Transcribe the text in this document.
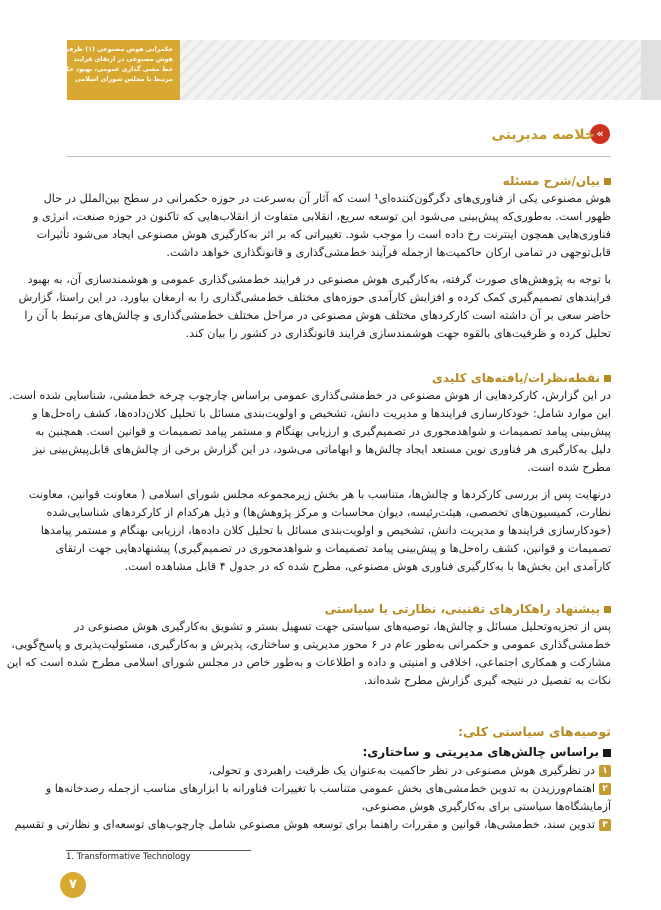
حکمرانی هوش مصنوعی (۱) ظرفیت های
هوش مصنوعی در ارتقای فرایند
خط مشی گذاری عمومی، بهبود حکمرانی
مرتبط با مجلس شورای اسلامی
«
خلاصه مدیریتی
بیان/شرح مسئله
هوش مصنوعی یکی از فناوری‌های دگرگون‌کننده‌ای¹ است که آثار آن به‌سرعت در حوزه حکمرانی در سطح بین‌الملل در حال
ظهور است. به‌طوری‌که پیش‌بینی می‌شود این توسعه سریع، انقلابی متفاوت از انقلاب‌هایی که تاکنون در حوزه صنعت، انرژی و
فناوری‌هایی همچون اینترنت رخ داده است را موجب شود. تغییراتی که بر اثر به‌کارگیری هوش مصنوعی ایجاد می‌شود تأثیرات
قابل‌توجهی در تمامی ارکان حاکمیت‌ها ازجمله فرآیند خط‌مشی‌گذاری و قانونگذاری خواهد داشت.
با توجه به پژوهش‌های صورت گرفته، به‌کارگیری هوش مصنوعی در فرایند خط‌مشی‌گذاری عمومی و هوشمندسازی آن، به بهبود
فرایندهای تصمیم‌گیری کمک کرده و افزایش کارآمدی حوزه‌های مختلف خط‌مشی‌گذاری را به ارمغان بیاورد. در این راستا، گزارش
حاضر سعی بر آن داشته است کارکردهای مختلف هوش مصنوعی در مراحل مختلف خط‌مشی‌گذاری و چالش‌های مرتبط با آن را
تحلیل کرده و ظرفیت‌های بالقوه جهت هوشمندسازی فرایند قانونگذاری در کشور را بیان کند.
نقطه‌نظرات/یافته‌های کلیدی
در این گزارش، کارکردهایی از هوش مصنوعی در خط‌مشی‌گذاری عمومی براساس چارچوب چرخه خط‌مشی، شناسایی شده است.
این موارد شامل: خودکارسازی فرایندها و مدیریت دانش، تشخیص و اولویت‌بندی مسائل با تحلیل کلان‌داده‌ها، کشف راه‌حل‌ها و
پیش‌بینی پیامد تصمیمات و شواهدمحوری در تصمیم‌گیری و ارزیابی بهنگام و مستمر پیامد تصمیمات و قوانین است. همچنین به
دلیل به‌کارگیری هر فناوری نوین مستعد ایجاد چالش‌ها و ابهاماتی می‌شود، در این گزارش برخی از چالش‌های قابل‌پیش‌بینی نیز
مطرح شده است.
درنهایت پس از بررسی کارکردها و چالش‌ها، متناسب با هر بخش زیرمجموعه مجلس شورای اسلامی ( معاونت قوانین، معاونت
نظارت، کمیسیون‌های تخصصی، هیئت‌رئیسه، دیوان محاسبات و مرکز پژوهش‌ها) و ذیل هرکدام از کارکردهای شناسایی‌شده
(خودکارسازی فرایندها و مدیریت دانش، تشخیص و اولویت‌بندی مسائل با تحلیل کلان داده‌ها، ارزیابی بهنگام و مستمر پیامدها
تصمیمات و قوانین، کشف راه‌حل‌ها و پیش‌بینی پیامد تصمیمات و شواهدمحوری در تصمیم‌گیری) پیشنهادهایی جهت ارتقای
کارآمدی این بخش‌ها با به‌کارگیری فناوری هوش مصنوعی، مطرح شده که در جدول ۴ قابل مشاهده است.
پیشنهاد راهکارهای تقنینی، نظارتی یا سیاستی
پس از تجزیه‌وتحلیل مسائل و چالش‌ها، توصیه‌های سیاستی جهت تسهیل بستر و تشویق به‌کارگیری هوش مصنوعی در
خط‌مشی‌گذاری عمومی و حکمرانی به‌طور عام در ۶ محور مدیریتی و ساختاری، پذیرش و به‌کارگیری، مسئولیت‌پذیری و پاسخ‌گویی،
مشارکت و همکاری اجتماعی، اخلاقی و امنیتی و داده و اطلاعات و به‌طور خاص در مجلس شورای اسلامی مطرح شده است که این
نکات به تفصیل در نتیجه گیری گزارش مطرح شده‌اند.
توصیه‌های سیاستی کلی:
براساس چالش‌های مدیریتی و ساختاری:
۱در نظرگیری هوش مصنوعی در نظر حاکمیت به‌عنوان یک ظرفیت راهبردی و تحولی،
۲اهتمام‌ورزیدن به تدوین خط‌مشی‌های بخش عمومی متناسب با تغییرات فناورانه با ابزارهای مناسب ازجمله رصدخانه‌ها و
آزمایشگاه‌ها سیاستی برای به‌کارگیری هوش مصنوعی،
۳تدوین سند، خط‌مشی‌ها، قوانین و مقررات راهنما برای توسعه هوش مصنوعی شامل چارچوب‌های توسعه‌ای و نظارتی و تقسیم
1. Transformative Technology
۷
